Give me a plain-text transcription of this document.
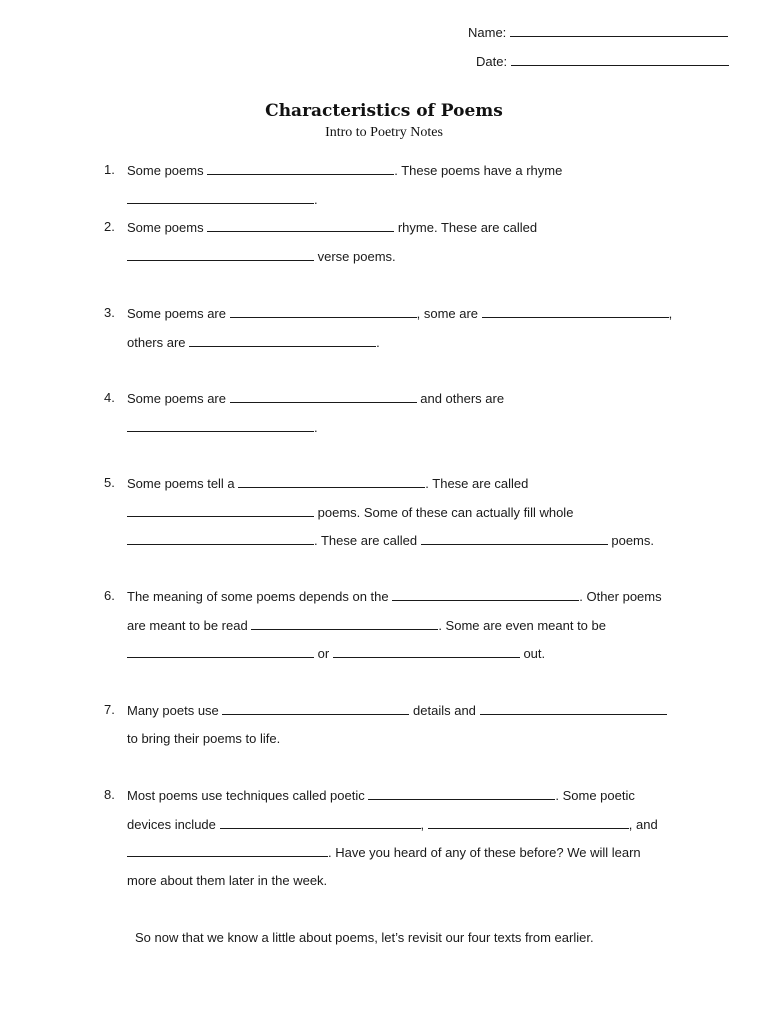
Name:
Date:
Characteristics of Poems
Intro to Poetry Notes
1. Some poems	. These poems have a rhyme
.
2. Some poems	rhyme. These are called
verse poems.
3. Some poems are	, some are	,
others are	.
4. Some poems are	and others are
.
5. Some poems tell a	. These are called
poems. Some of these can actually fill whole
. These are called	poems.
6. The meaning of some poems depends on the	. Other poems
are meant to be read	. Some are even meant to be
or	out.
7. Many poets use	details and
to bring their poems to life.
8. Most poems use techniques called poetic	. Some poetic
devices include	,	, and
. Have you heard of any of these before? We will learn
more about them later in the week.
So now that we know a little about poems, let’s revisit our four texts from earlier.
